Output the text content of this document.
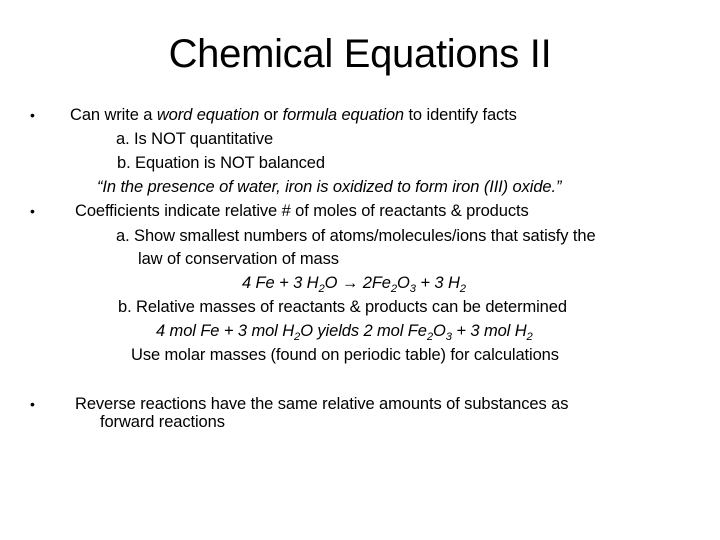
Chemical Equations II
• Can write a word equation or formula equation to identify facts
a. Is NOT quantitative
b. Equation is NOT balanced
“In the presence of water, iron is oxidized to form iron (III) oxide.”
• Coefficients indicate relative # of moles of reactants & products
a. Show smallest numbers of atoms/molecules/ions that satisfy the
law of conservation of mass
4 Fe + 3 $H_2O \to 2Fe_2O_3 + 3$ $H_2$
b. Relative masses of reactants & products can be determined
4 mol Fe + 3 mol $H_2O$ yields 2 mol $Fe_2O_3 + 3$ mol $H_2$
Use molar masses (found on periodic table) for calculations
• Reverse reactions have the same relative amounts of substances as
forward reactions
